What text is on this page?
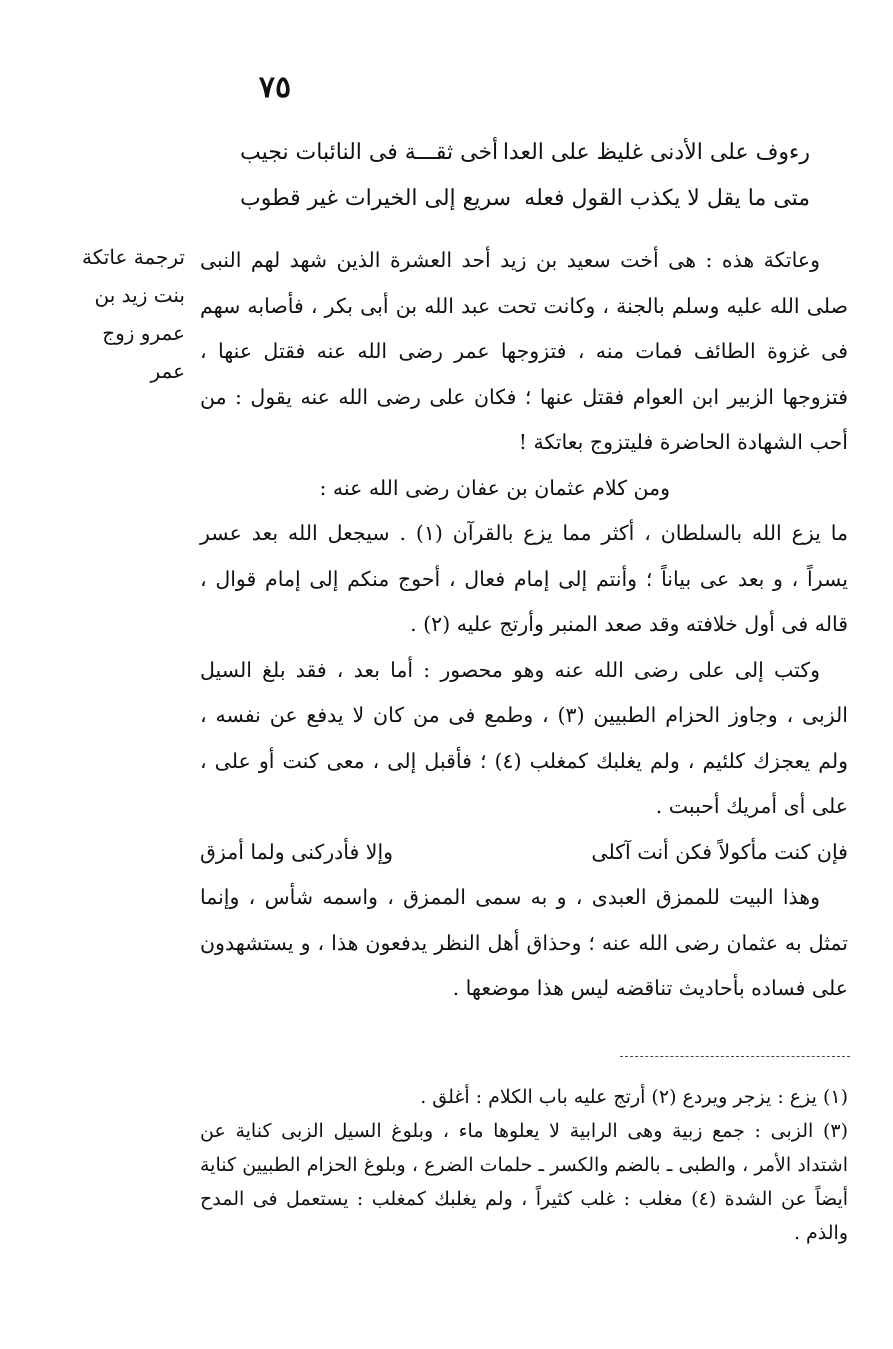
٧٥
رءوف على الأدنى غليظ على العدا
أخى ثقـــة فى النائبات نجيب
متى ما يقل لا يكذب القول فعله
سريع إلى الخيرات غير قطوب
ترجمة عاتكة
بنت زيد بن
عمرو زوج
عمر

وعاتكة هذه : هى أخت سعيد بن زيد أحد العشرة الذين شهد لهم النبى صلى الله عليه وسلم بالجنة ، وكانت تحت عبد الله بن أبى بكر ، فأصابه سهم فى غزوة الطائف فمات منه ، فتزوجها عمر رضى الله عنه فقتل عنها ، فتزوجها الزبير ابن العوام فقتل عنها ؛ فكان على رضى الله عنه يقول : من أحب الشهادة الحاضرة فليتزوج بعاتكة !

ومن كلام عثمان بن عفان رضى الله عنه :

ما يزع الله بالسلطان ، أكثر مما يزع بالقرآن (١) . سيجعل الله بعد عسر يسراً ، و بعد عى بياناً ؛ وأنتم إلى إمام فعال ، أحوج منكم إلى إمام قوال ، قاله فى أول خلافته وقد صعد المنبر وأرتج عليه (٢) .

وكتب إلى على رضى الله عنه وهو محصور : أما بعد ، فقد بلغ السيل الزبى ، وجاوز الحزام الطبيين (٣) ، وطمع فى من كان لا يدفع عن نفسه ، ولم يعجزك كلئيم ، ولم يغلبك كمغلب (٤) ؛ فأقبل إلى ، معى كنت أو على ، على أى أمريك أحببت .

فإن كنت مأكولاً فكن أنت آكلى
وإلا فأدركنى ولما أمزق

وهذا البيت للممزق العبدى ، و به سمى الممزق ، واسمه شأس ، وإنما تمثل به عثمان رضى الله عنه ؛ وحذاق أهل النظر يدفعون هذا ، و يستشهدون على فساده بأحاديث تناقضه ليس هذا موضعها .

(١) يزع : يزجر ويردع (٢) أرتج عليه باب الكلام : أغلق .

(٣) الزبى : جمع زبية وهى الرابية لا يعلوها ماء ، وبلوغ السيل الزبى كناية عن اشتداد الأمر ، والطبى ـ بالضم والكسر ـ حلمات الضرع ، وبلوغ الحزام الطبيين كناية أيضاً عن الشدة (٤) مغلب : غلب كثيراً ، ولم يغلبك كمغلب : يستعمل فى المدح والذم .
